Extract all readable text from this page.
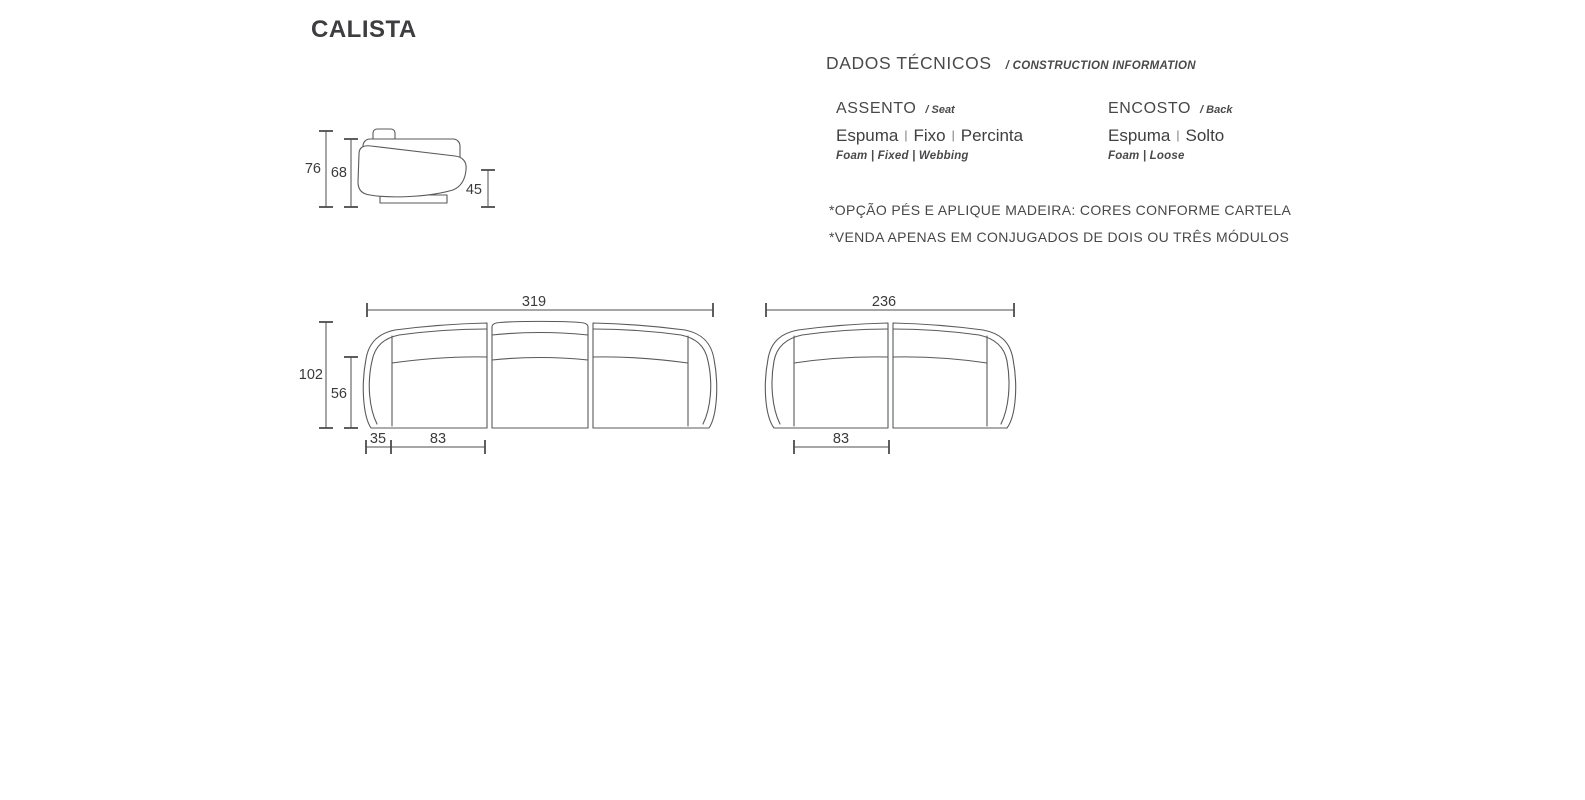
CALISTA
DADOS TÉCNICOS / CONSTRUCTION INFORMATION
ASSENTO / Seat
Espuma | Fixo | Percinta
Foam | Fixed | Webbing
ENCOSTO / Back
Espuma | Solto
Foam | Loose
*OPÇÃO PÉS E APLIQUE MADEIRA: CORES CONFORME CARTELA
*VENDA APENAS EM CONJUGADOS DE DOIS OU TRÊS MÓDULOS
76 68
45
319
102
56
35	83
236
83
